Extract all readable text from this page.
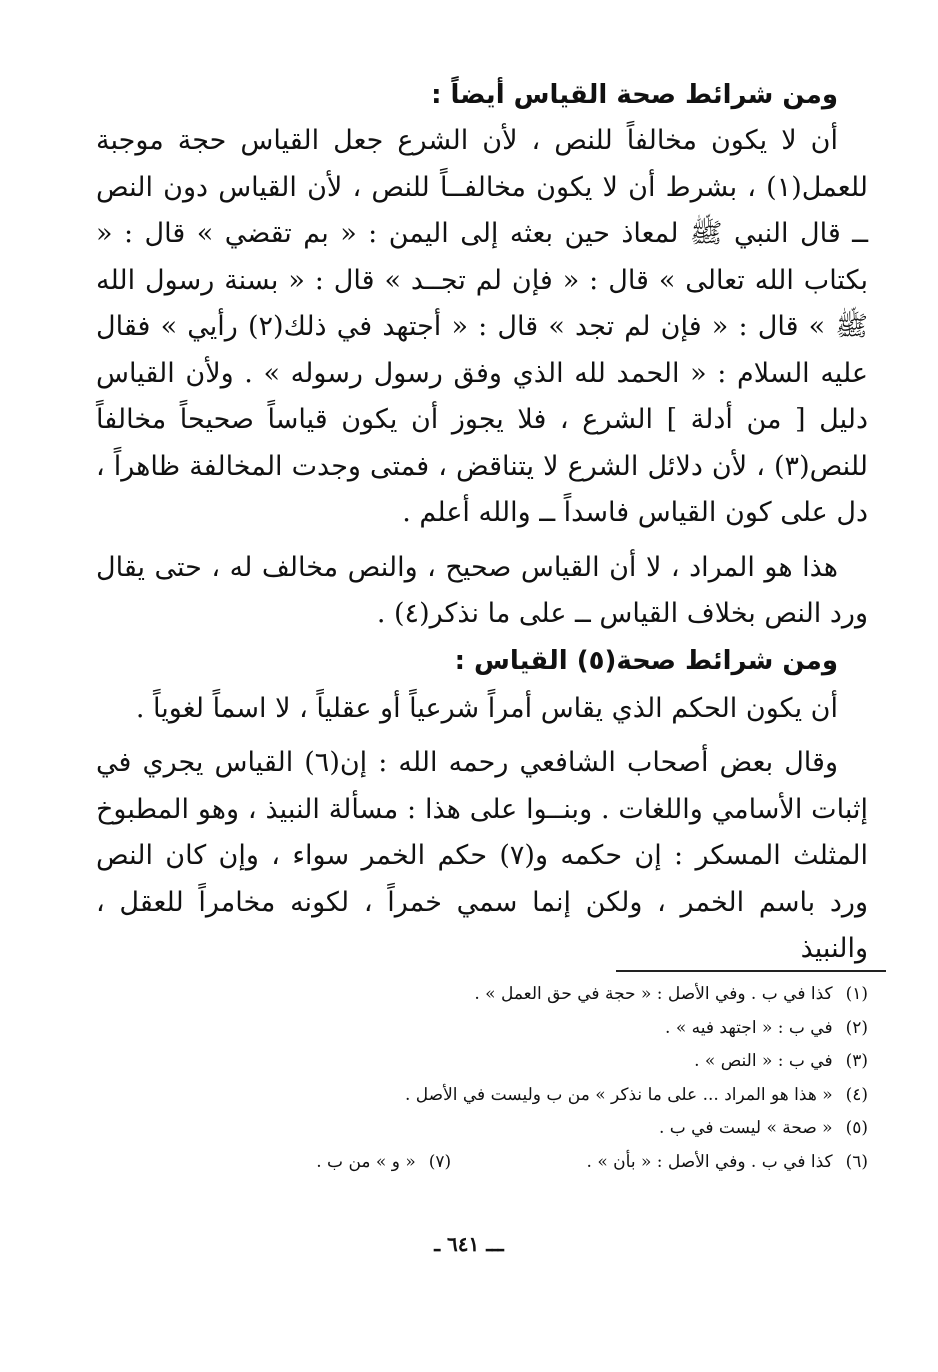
ومن شرائط صحة القياس أيضاً :

أن لا يكون مخالفاً للنص ، لأن الشرع جعل القياس حجة موجبة للعمل(١) ، بشرط أن لا يكون مخالفــاً للنص ، لأن القياس دون النص ــ قال النبي ﷺ لمعاذ حين بعثه إلى اليمن : « بم تقضي » قال : « بكتاب الله تعالى » قال : « فإن لم تجــد » قال : « بسنة رسول الله ﷺ » قال : « فإن لم تجد » قال : « أجتهد في ذلك(٢) رأيي » فقال عليه السلام : « الحمد لله الذي وفق رسول رسوله » . ولأن القياس دليل [ من أدلة ] الشرع ، فلا يجوز أن يكون قياساً صحيحاً مخالفاً للنص(٣) ، لأن دلائل الشرع لا يتناقض ، فمتى وجدت المخالفة ظاهراً ، دل على كون القياس فاسداً ــ والله أعلم .

هذا هو المراد ، لا أن القياس صحيح ، والنص مخالف له ، حتى يقال ورد النص بخلاف القياس ــ على ما نذكر(٤) .

ومن شرائط صحة(٥) القياس :

أن يكون الحكم الذي يقاس أمراً شرعياً أو عقلياً ، لا اسماً لغوياً .

وقال بعض أصحاب الشافعي رحمه الله : إن(٦) القياس يجري في إثبات الأسامي واللغات . وبنــوا على هذا : مسألة النبيذ ، وهو المطبوخ المثلث المسكر : إن حكمه و(٧) حكم الخمر سواء ، وإن كان النص ورد باسم الخمر ، ولكن إنما سمي خمراً ، لكونه مخامراً للعقل ، والنبيذ

(١) كذا في ب . وفي الأصل : « حجة في حق العمل » .
(٢) في ب : « اجتهد فيه » .
(٣) في ب : « النص » .
(٤) « هذا هو المراد ... على ما نذكر » من ب وليست في الأصل .
(٥) « صحة » ليست في ب .
(٦) كذا في ب . وفي الأصل : « بأن » . (٧) « و » من ب .
ـــ ٦٤١ ـ
